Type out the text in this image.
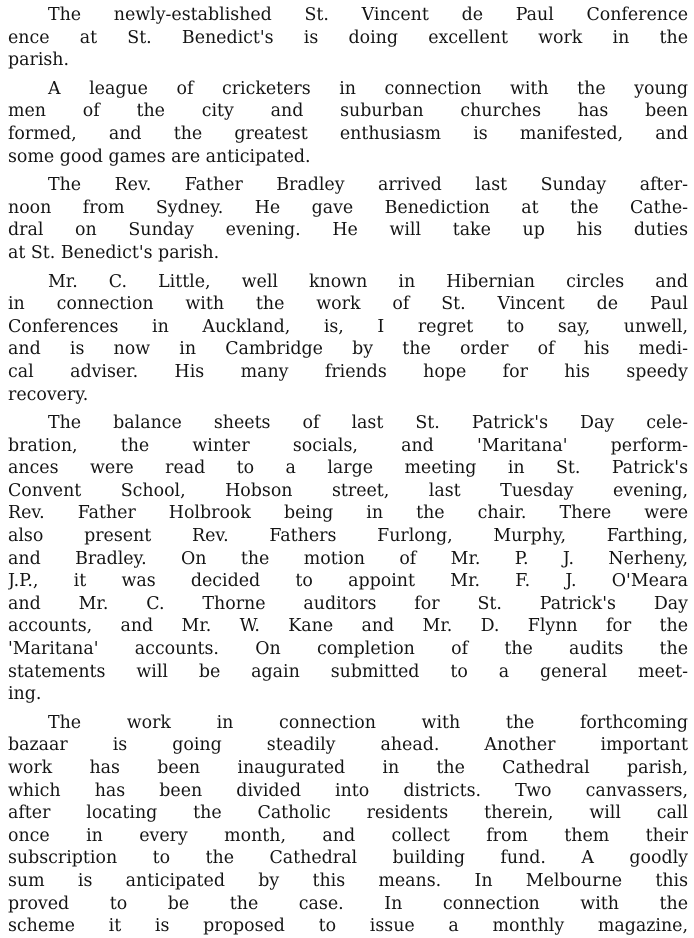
The newly-established St. Vincent de Paul Conference
ence at St. Benedict's is doing excellent work in the
parish.
A league of cricketers in connection with the young
men of the city and suburban churches has been
formed, and the greatest enthusiasm is manifested, and
some good games are anticipated.
The Rev. Father Bradley arrived last Sunday after-
noon from Sydney. He gave Benediction at the Cathe-
dral on Sunday evening. He will take up his duties
at St. Benedict's parish.
Mr. C. Little, well known in Hibernian circles and
in connection with the work of St. Vincent de Paul
Conferences in Auckland, is, I regret to say, unwell,
and is now in Cambridge by the order of his medi-
cal adviser. His many friends hope for his speedy
recovery.
The balance sheets of last St. Patrick's Day cele-
bration, the winter socials, and 'Maritana' perform-
ances were read to a large meeting in St. Patrick's
Convent School, Hobson street, last Tuesday evening,
Rev. Father Holbrook being in the chair. There were
also present Rev. Fathers Furlong, Murphy, Farthing,
and Bradley. On the motion of Mr. P. J. Nerheny,
J.P., it was decided to appoint Mr. F. J. O'Meara
and Mr. C. Thorne auditors for St. Patrick's Day
accounts, and Mr. W. Kane and Mr. D. Flynn for the
'Maritana' accounts. On completion of the audits the
statements will be again submitted to a general meet-
ing.
The work in connection with the forthcoming
bazaar is going steadily ahead. Another important
work has been inaugurated in the Cathedral parish,
which has been divided into districts. Two canvassers,
after locating the Catholic residents therein, will call
once in every month, and collect from them their
subscription to the Cathedral building fund. A goodly
sum is anticipated by this means. In Melbourne this
proved to be the case. In connection with the
scheme it is proposed to issue a monthly magazine,
